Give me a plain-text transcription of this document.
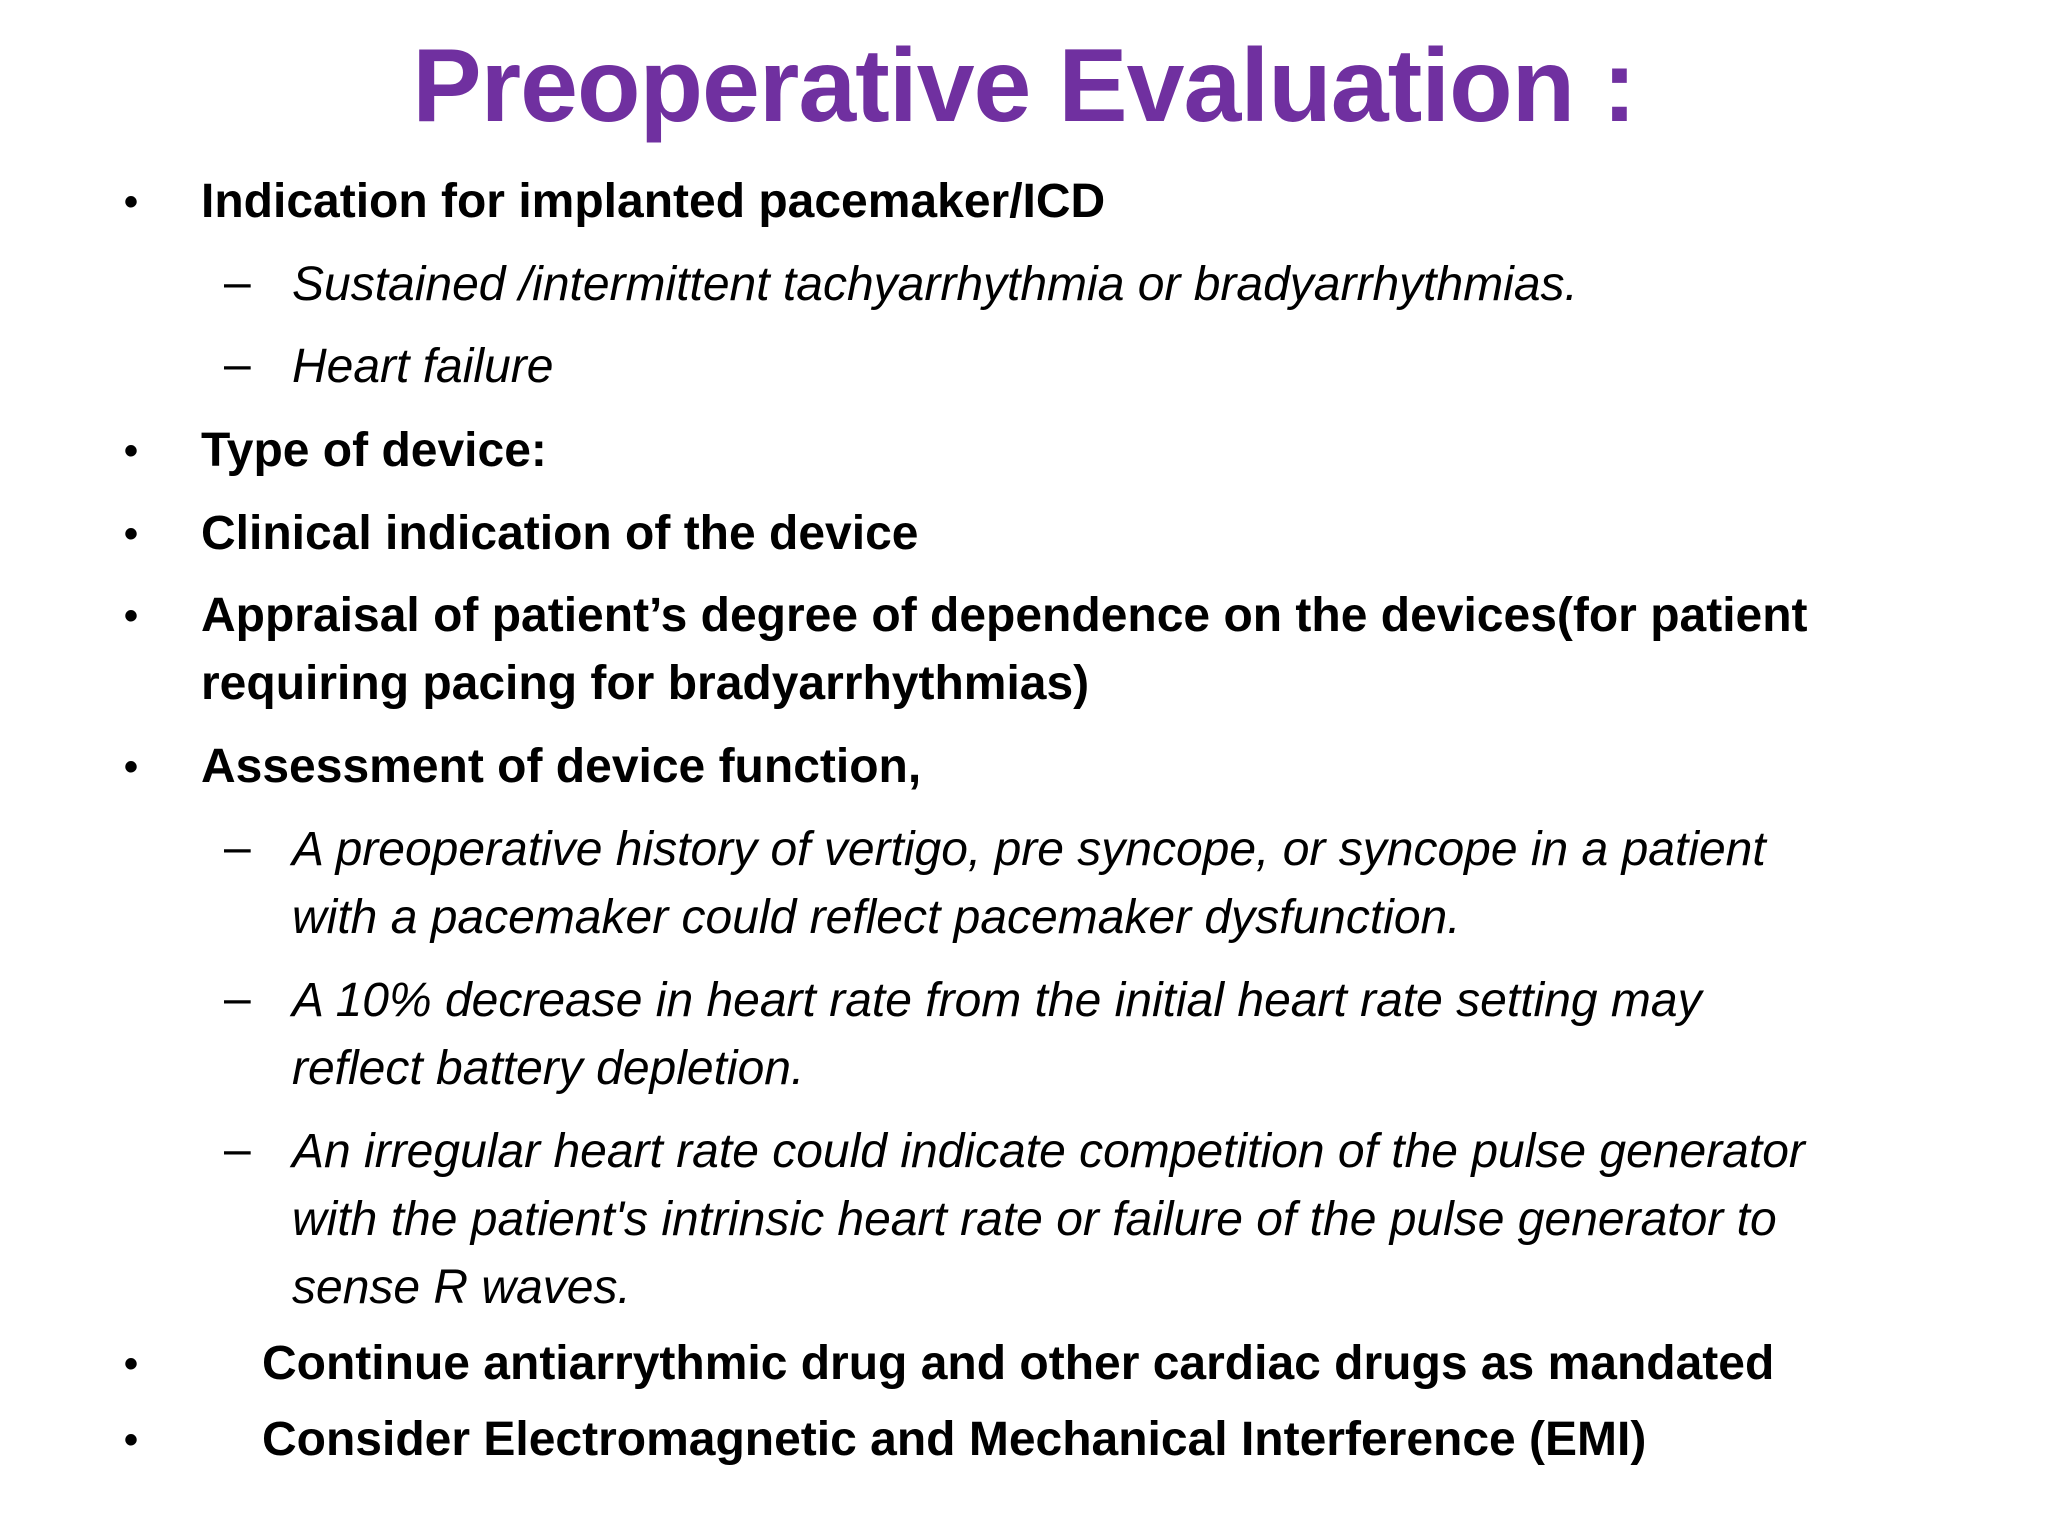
Preoperative Evaluation :
• Indication for implanted pacemaker/ICD
– Sustained /intermittent tachyarrhythmia or bradyarrhythmias.
– Heart failure
• Type of device:
• Clinical indication of the device
• Appraisal of patient’s degree of dependence on the devices(for patient
requiring pacing for bradyarrhythmias)
• Assessment of device function,
– A preoperative history of vertigo, pre syncope, or syncope in a patient
with a pacemaker could reflect pacemaker dysfunction.
– A 10% decrease in heart rate from the initial heart rate setting may
reflect battery depletion.
– An irregular heart rate could indicate competition of the pulse generator
with the patient's intrinsic heart rate or failure of the pulse generator to
sense R waves.
•	Continue antiarrythmic drug and other cardiac drugs as mandated
•	Consider Electromagnetic and Mechanical Interference (EMI)
